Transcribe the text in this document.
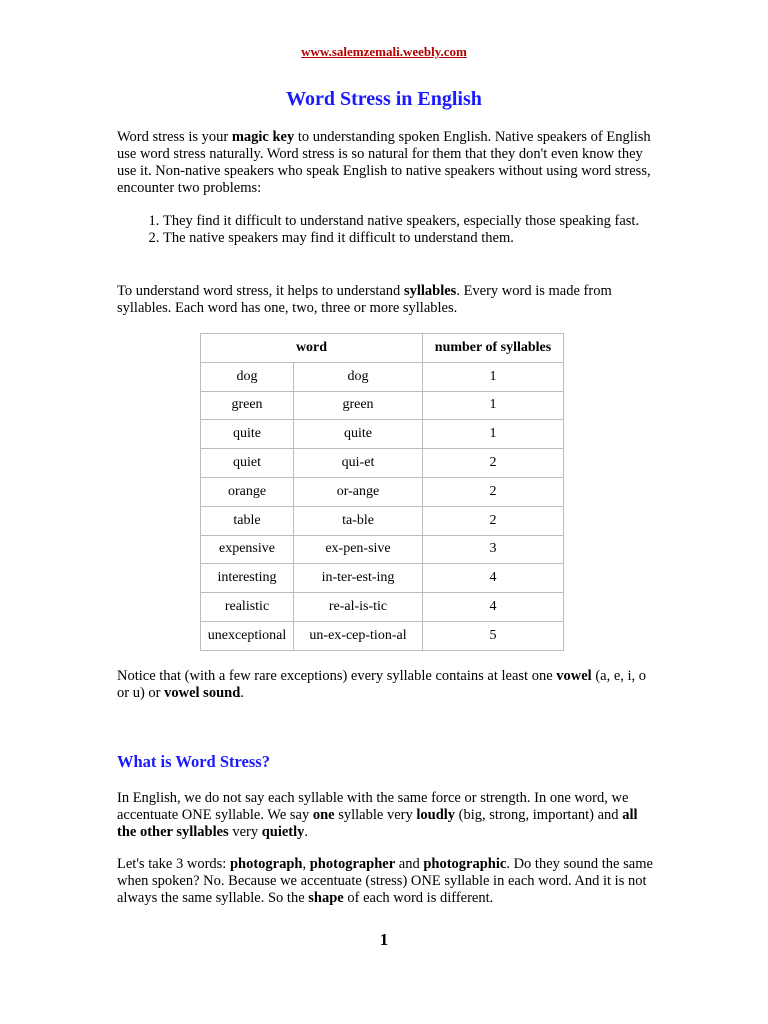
www.salemzemali.weebly.com
Word Stress in English
Word stress is your magic key to understanding spoken English. Native speakers of English use word stress naturally. Word stress is so natural for them that they don't even know they use it. Non-native speakers who speak English to native speakers without using word stress, encounter two problems:
1. They find it difficult to understand native speakers, especially those speaking fast.
2. The native speakers may find it difficult to understand them.
To understand word stress, it helps to understand syllables. Every word is made from syllables. Each word has one, two, three or more syllables.
word		number of syllables
dog	dog	1
green	green	1
quite	quite	1
quiet	qui-et	2
orange	or-ange	2
table	ta-ble	2
expensive	ex-pen-sive	3
interesting	in-ter-est-ing	4
realistic	re-al-is-tic	4
unexceptional	un-ex-cep-tion-al	5
Notice that (with a few rare exceptions) every syllable contains at least one vowel (a, e, i, o or u) or vowel sound.
What is Word Stress?
In English, we do not say each syllable with the same force or strength. In one word, we accentuate ONE syllable. We say one syllable very loudly (big, strong, important) and all the other syllables very quietly.
Let's take 3 words: photograph, photographer and photographic. Do they sound the same when spoken? No. Because we accentuate (stress) ONE syllable in each word. And it is not always the same syllable. So the shape of each word is different.
1
